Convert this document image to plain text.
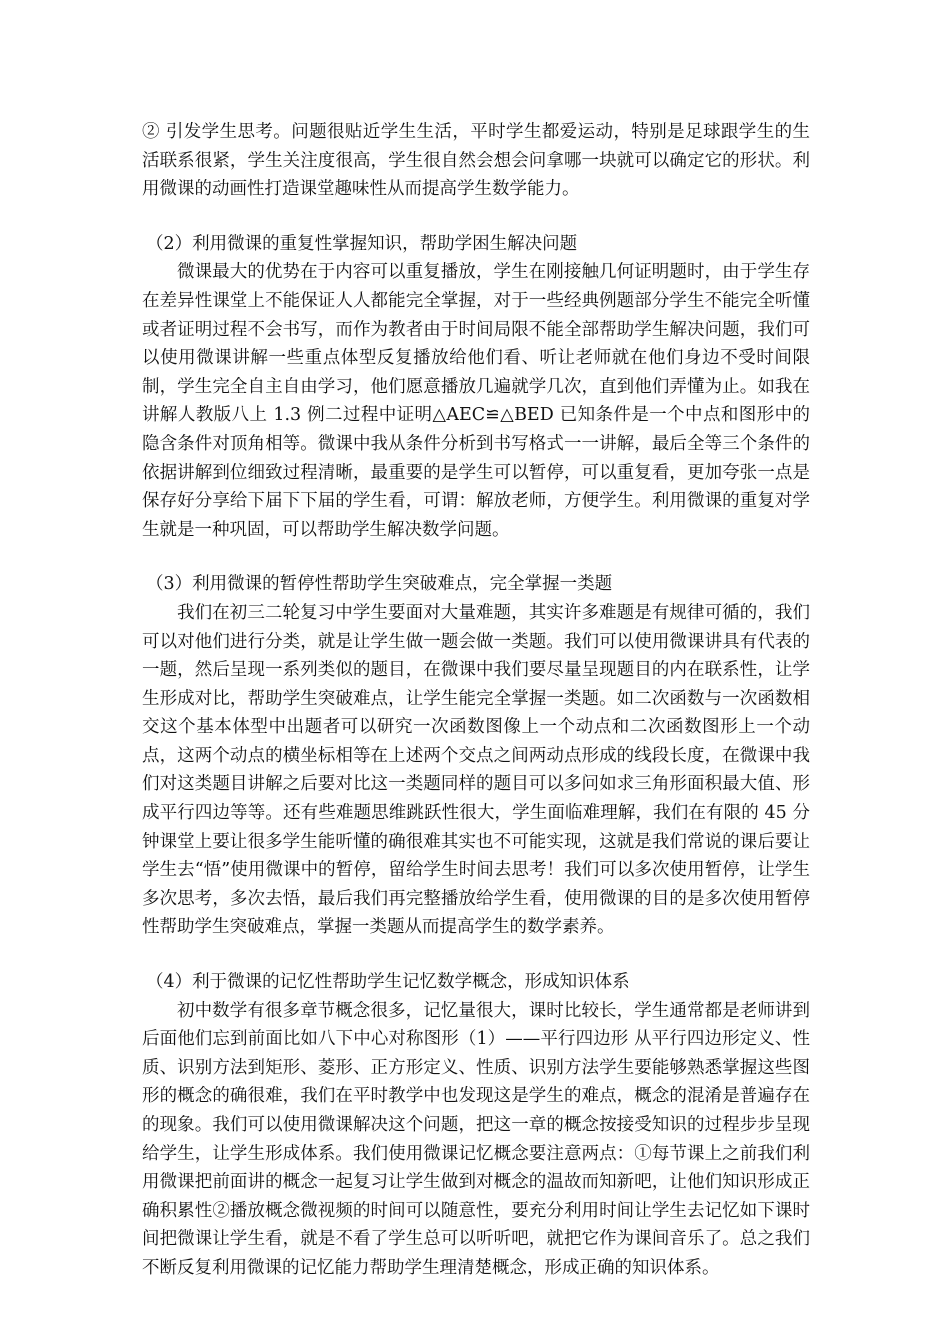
② 引发学生思考。问题很贴近学生生活，平时学生都爱运动，特别是足球跟学生的生活联系很紧，学生关注度很高，学生很自然会想会问拿哪一块就可以确定它的形状。利用微课的动画性打造课堂趣味性从而提高学生数学能力。

（2）利用微课的重复性掌握知识，帮助学困生解决问题

微课最大的优势在于内容可以重复播放，学生在刚接触几何证明题时，由于学生存在差异性课堂上不能保证人人都能完全掌握，对于一些经典例题部分学生不能完全听懂或者证明过程不会书写，而作为教者由于时间局限不能全部帮助学生解决问题，我们可以使用微课讲解一些重点体型反复播放给他们看、听让老师就在他们身边不受时间限制，学生完全自主自由学习，他们愿意播放几遍就学几次，直到他们弄懂为止。如我在讲解人教版八上 1.3 例二过程中证明△AEC≌△BED 已知条件是一个中点和图形中的隐含条件对顶角相等。微课中我从条件分析到书写格式一一讲解，最后全等三个条件的依据讲解到位细致过程清晰，最重要的是学生可以暂停，可以重复看，更加夸张一点是保存好分享给下届下下届的学生看，可谓：解放老师，方便学生。利用微课的重复对学生就是一种巩固，可以帮助学生解决数学问题。

（3）利用微课的暂停性帮助学生突破难点，完全掌握一类题

我们在初三二轮复习中学生要面对大量难题，其实许多难题是有规律可循的，我们可以对他们进行分类，就是让学生做一题会做一类题。我们可以使用微课讲具有代表的一题，然后呈现一系列类似的题目，在微课中我们要尽量呈现题目的内在联系性，让学生形成对比，帮助学生突破难点，让学生能完全掌握一类题。如二次函数与一次函数相交这个基本体型中出题者可以研究一次函数图像上一个动点和二次函数图形上一个动点，这两个动点的横坐标相等在上述两个交点之间两动点形成的线段长度，在微课中我们对这类题目讲解之后要对比这一类题同样的题目可以多问如求三角形面积最大值、形成平行四边等等。还有些难题思维跳跃性很大，学生面临难理解，我们在有限的 45 分钟课堂上要让很多学生能听懂的确很难其实也不可能实现，这就是我们常说的课后要让学生去“悟”使用微课中的暂停，留给学生时间去思考！我们可以多次使用暂停，让学生多次思考，多次去悟，最后我们再完整播放给学生看，使用微课的目的是多次使用暂停性帮助学生突破难点，掌握一类题从而提高学生的数学素养。

（4）利于微课的记忆性帮助学生记忆数学概念，形成知识体系

初中数学有很多章节概念很多，记忆量很大，课时比较长，学生通常都是老师讲到后面他们忘到前面比如八下中心对称图形（1）——平行四边形 从平行四边形定义、性质、识别方法到矩形、菱形、正方形定义、性质、识别方法学生要能够熟悉掌握这些图形的概念的确很难，我们在平时教学中也发现这是学生的难点，概念的混淆是普遍存在的现象。我们可以使用微课解决这个问题，把这一章的概念按接受知识的过程步步呈现给学生，让学生形成体系。我们使用微课记忆概念要注意两点：①每节课上之前我们利用微课把前面讲的概念一起复习让学生做到对概念的温故而知新吧，让他们知识形成正确积累性②播放概念微视频的时间可以随意性，要充分利用时间让学生去记忆如下课时间把微课让学生看，就是不看了学生总可以听听吧，就把它作为课间音乐了。总之我们不断反复利用微课的记忆能力帮助学生理清楚概念，形成正确的知识体系。
